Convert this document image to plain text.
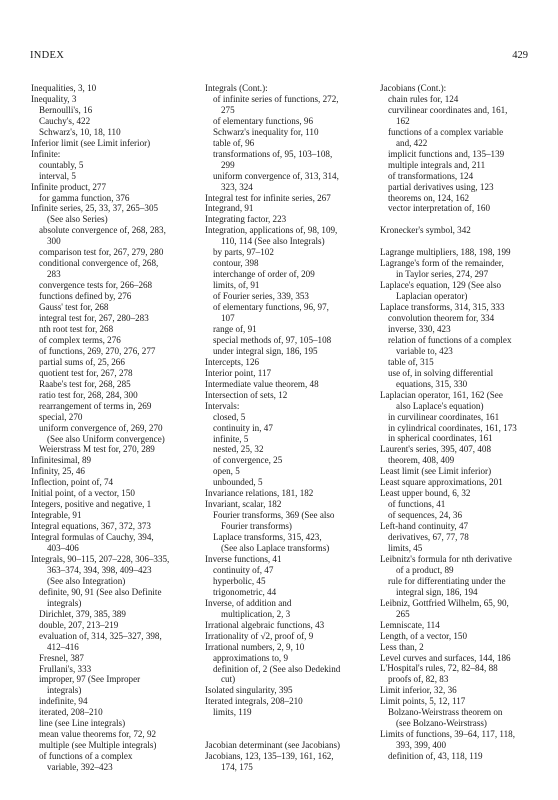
INDEX	429
Inequalities, 3, 10
Inequality, 3
Bernoulli's, 16
Cauchy's, 422
Schwarz's, 10, 18, 110
Inferior limit (see Limit inferior)
Infinite:
countably, 5
interval, 5
Infinite product, 277
for gamma function, 376
Infinite series, 25, 33, 37, 265–305
(See also Series)
absolute convergence of, 268, 283,
300
comparison test for, 267, 279, 280
conditional convergence of, 268,
283
convergence tests for, 266–268
functions defined by, 276
Gauss' test for, 268
integral test for, 267, 280–283
nth root test for, 268
of complex terms, 276
of functions, 269, 270, 276, 277
partial sums of, 25, 266
quotient test for, 267, 278
Raabe's test for, 268, 285
ratio test for, 268, 284, 300
rearrangement of terms in, 269
special, 270
uniform convergence of, 269, 270
(See also Uniform convergence)
Weierstrass M test for, 270, 289
Infinitesimal, 89
Infinity, 25, 46
Inflection, point of, 74
Initial point, of a vector, 150
Integers, positive and negative, 1
Integrable, 91
Integral equations, 367, 372, 373
Integral formulas of Cauchy, 394,
403–406
Integrals, 90–115, 207–228, 306–335,
363–374, 394, 398, 409–423
(See also Integration)
definite, 90, 91 (See also Definite
integrals)
Dirichlet, 379, 385, 389
double, 207, 213–219
evaluation of, 314, 325–327, 398,
412–416
Fresnel, 387
Frullani's, 333
improper, 97 (See Improper
integrals)
indefinite, 94
iterated, 208–210
line (see Line integrals)
mean value theorems for, 72, 92
multiple (see Multiple integrals)
of functions of a complex
variable, 392–423
Integrals (Cont.):
of infinite series of functions, 272,
275
of elementary functions, 96
Schwarz's inequality for, 110
table of, 96
transformations of, 95, 103–108,
299
uniform convergence of, 313, 314,
323, 324
Integral test for infinite series, 267
Integrand, 91
Integrating factor, 223
Integration, applications of, 98, 109,
110, 114 (See also Integrals)
by parts, 97–102
contour, 398
interchange of order of, 209
limits, of, 91
of Fourier series, 339, 353
of elementary functions, 96, 97,
107
range of, 91
special methods of, 97, 105–108
under integral sign, 186, 195
Intercepts, 126
Interior point, 117
Intermediate value theorem, 48
Intersection of sets, 12
Intervals:
closed, 5
continuity in, 47
infinite, 5
nested, 25, 32
of convergence, 25
open, 5
unbounded, 5
Invariance relations, 181, 182
Invariant, scalar, 182
Fourier transforms, 369 (See also
Fourier transforms)
Laplace transforms, 315, 423,
(See also Laplace transforms)
Inverse functions, 41
continuity of, 47
hyperbolic, 45
trigonometric, 44
Inverse, of addition and
multiplication, 2, 3
Irrational algebraic functions, 43
Irrationality of √2, proof of, 9
Irrational numbers, 2, 9, 10
approximations to, 9
definition of, 2 (See also Dedekind
cut)
Isolated singularity, 395
Iterated integrals, 208–210
limits, 119
Jacobian determinant (see Jacobians)
Jacobians, 123, 135–139, 161, 162,
174, 175
Jacobians (Cont.):
chain rules for, 124
curvilinear coordinates and, 161,
162
functions of a complex variable
and, 422
implicit functions and, 135–139
multiple integrals and, 211
of transformations, 124
partial derivatives using, 123
theorems on, 124, 162
vector interpretation of, 160
Kronecker's symbol, 342
Lagrange multipliers, 188, 198, 199
Lagrange's form of the remainder,
in Taylor series, 274, 297
Laplace's equation, 129 (See also
Laplacian operator)
Laplace transforms, 314, 315, 333
convolution theorem for, 334
inverse, 330, 423
relation of functions of a complex
variable to, 423
table of, 315
use of, in solving differential
equations, 315, 330
Laplacian operator, 161, 162 (See
also Laplace's equation)
in curvilinear coordinates, 161
in cylindrical coordinates, 161, 173
in spherical coordinates, 161
Laurent's series, 395, 407, 408
theorem, 408, 409
Least limit (see Limit inferior)
Least square approximations, 201
Least upper bound, 6, 32
of functions, 41
of sequences, 24, 36
Left-hand continuity, 47
derivatives, 67, 77, 78
limits, 45
Leibnitz's formula for nth derivative
of a product, 89
rule for differentiating under the
integral sign, 186, 194
Leibniz, Gottfried Wilhelm, 65, 90,
265
Lemniscate, 114
Length, of a vector, 150
Less than, 2
Level curves and surfaces, 144, 186
L'Hospital's rules, 72, 82–84, 88
proofs of, 82, 83
Limit inferior, 32, 36
Limit points, 5, 12, 117
Bolzano-Weirstrass theorem on
(see Bolzano-Weirstrass)
Limits of functions, 39–64, 117, 118,
393, 399, 400
definition of, 43, 118, 119
